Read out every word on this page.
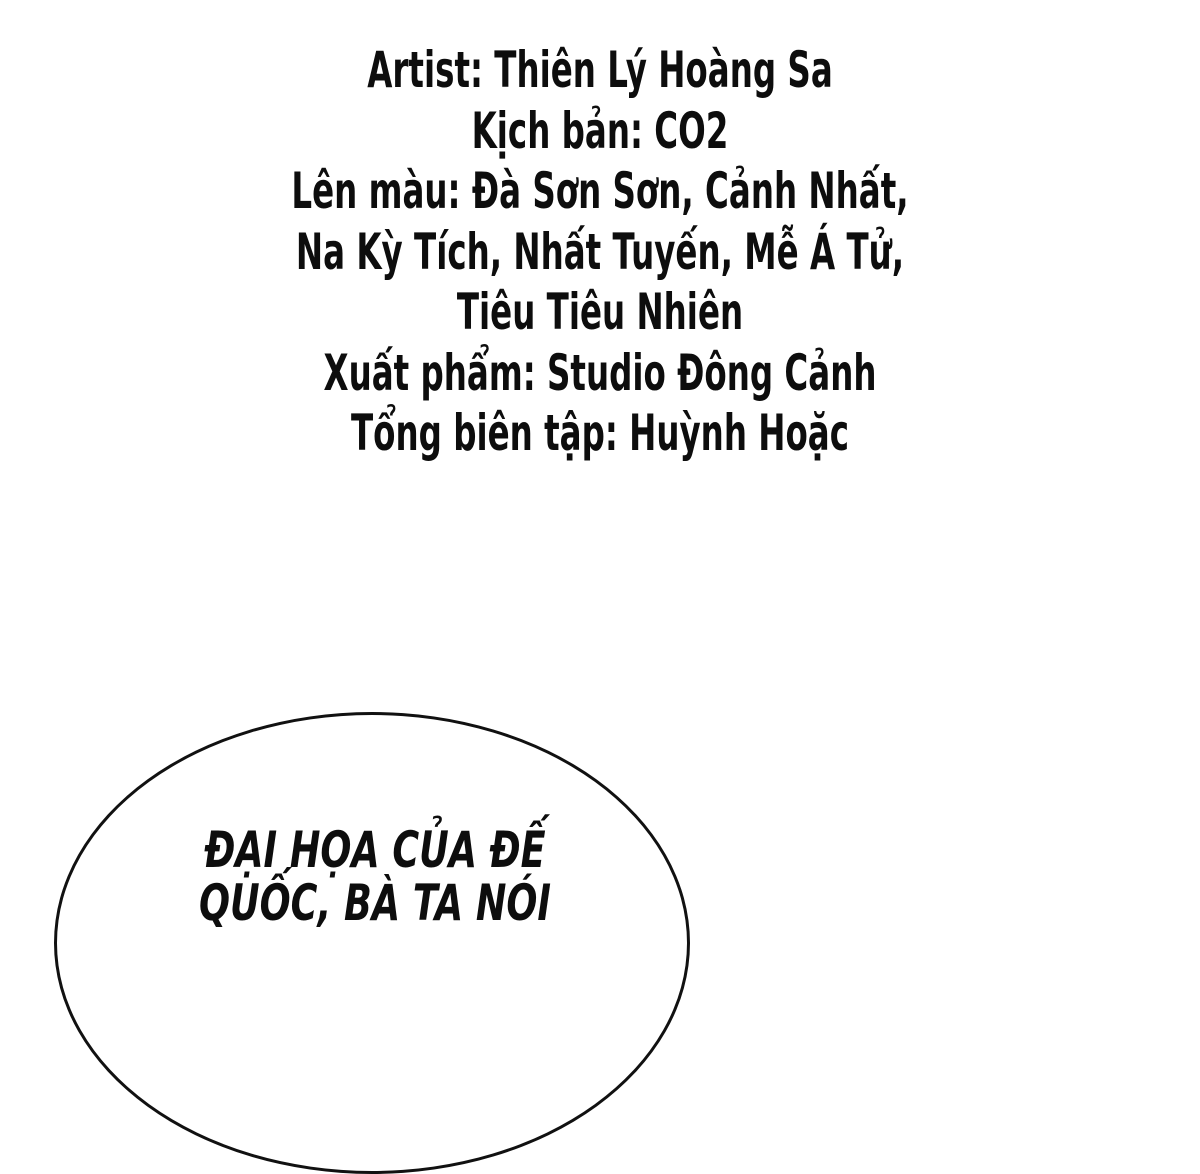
Artist: Thiên Lý Hoàng Sa
Kịch bản: CO2
Lên màu: Đà Sơn Sơn, Cảnh Nhất,
Na Kỳ Tích, Nhất Tuyến, Mễ Á Tử,
Tiêu Tiêu Nhiên
Xuất phẩm: Studio Đông Cảnh
Tổng biên tập: Huỳnh Hoặc
ĐẠI HỌA CỦA ĐẾ
QUỐC, BÀ TA NÓI
